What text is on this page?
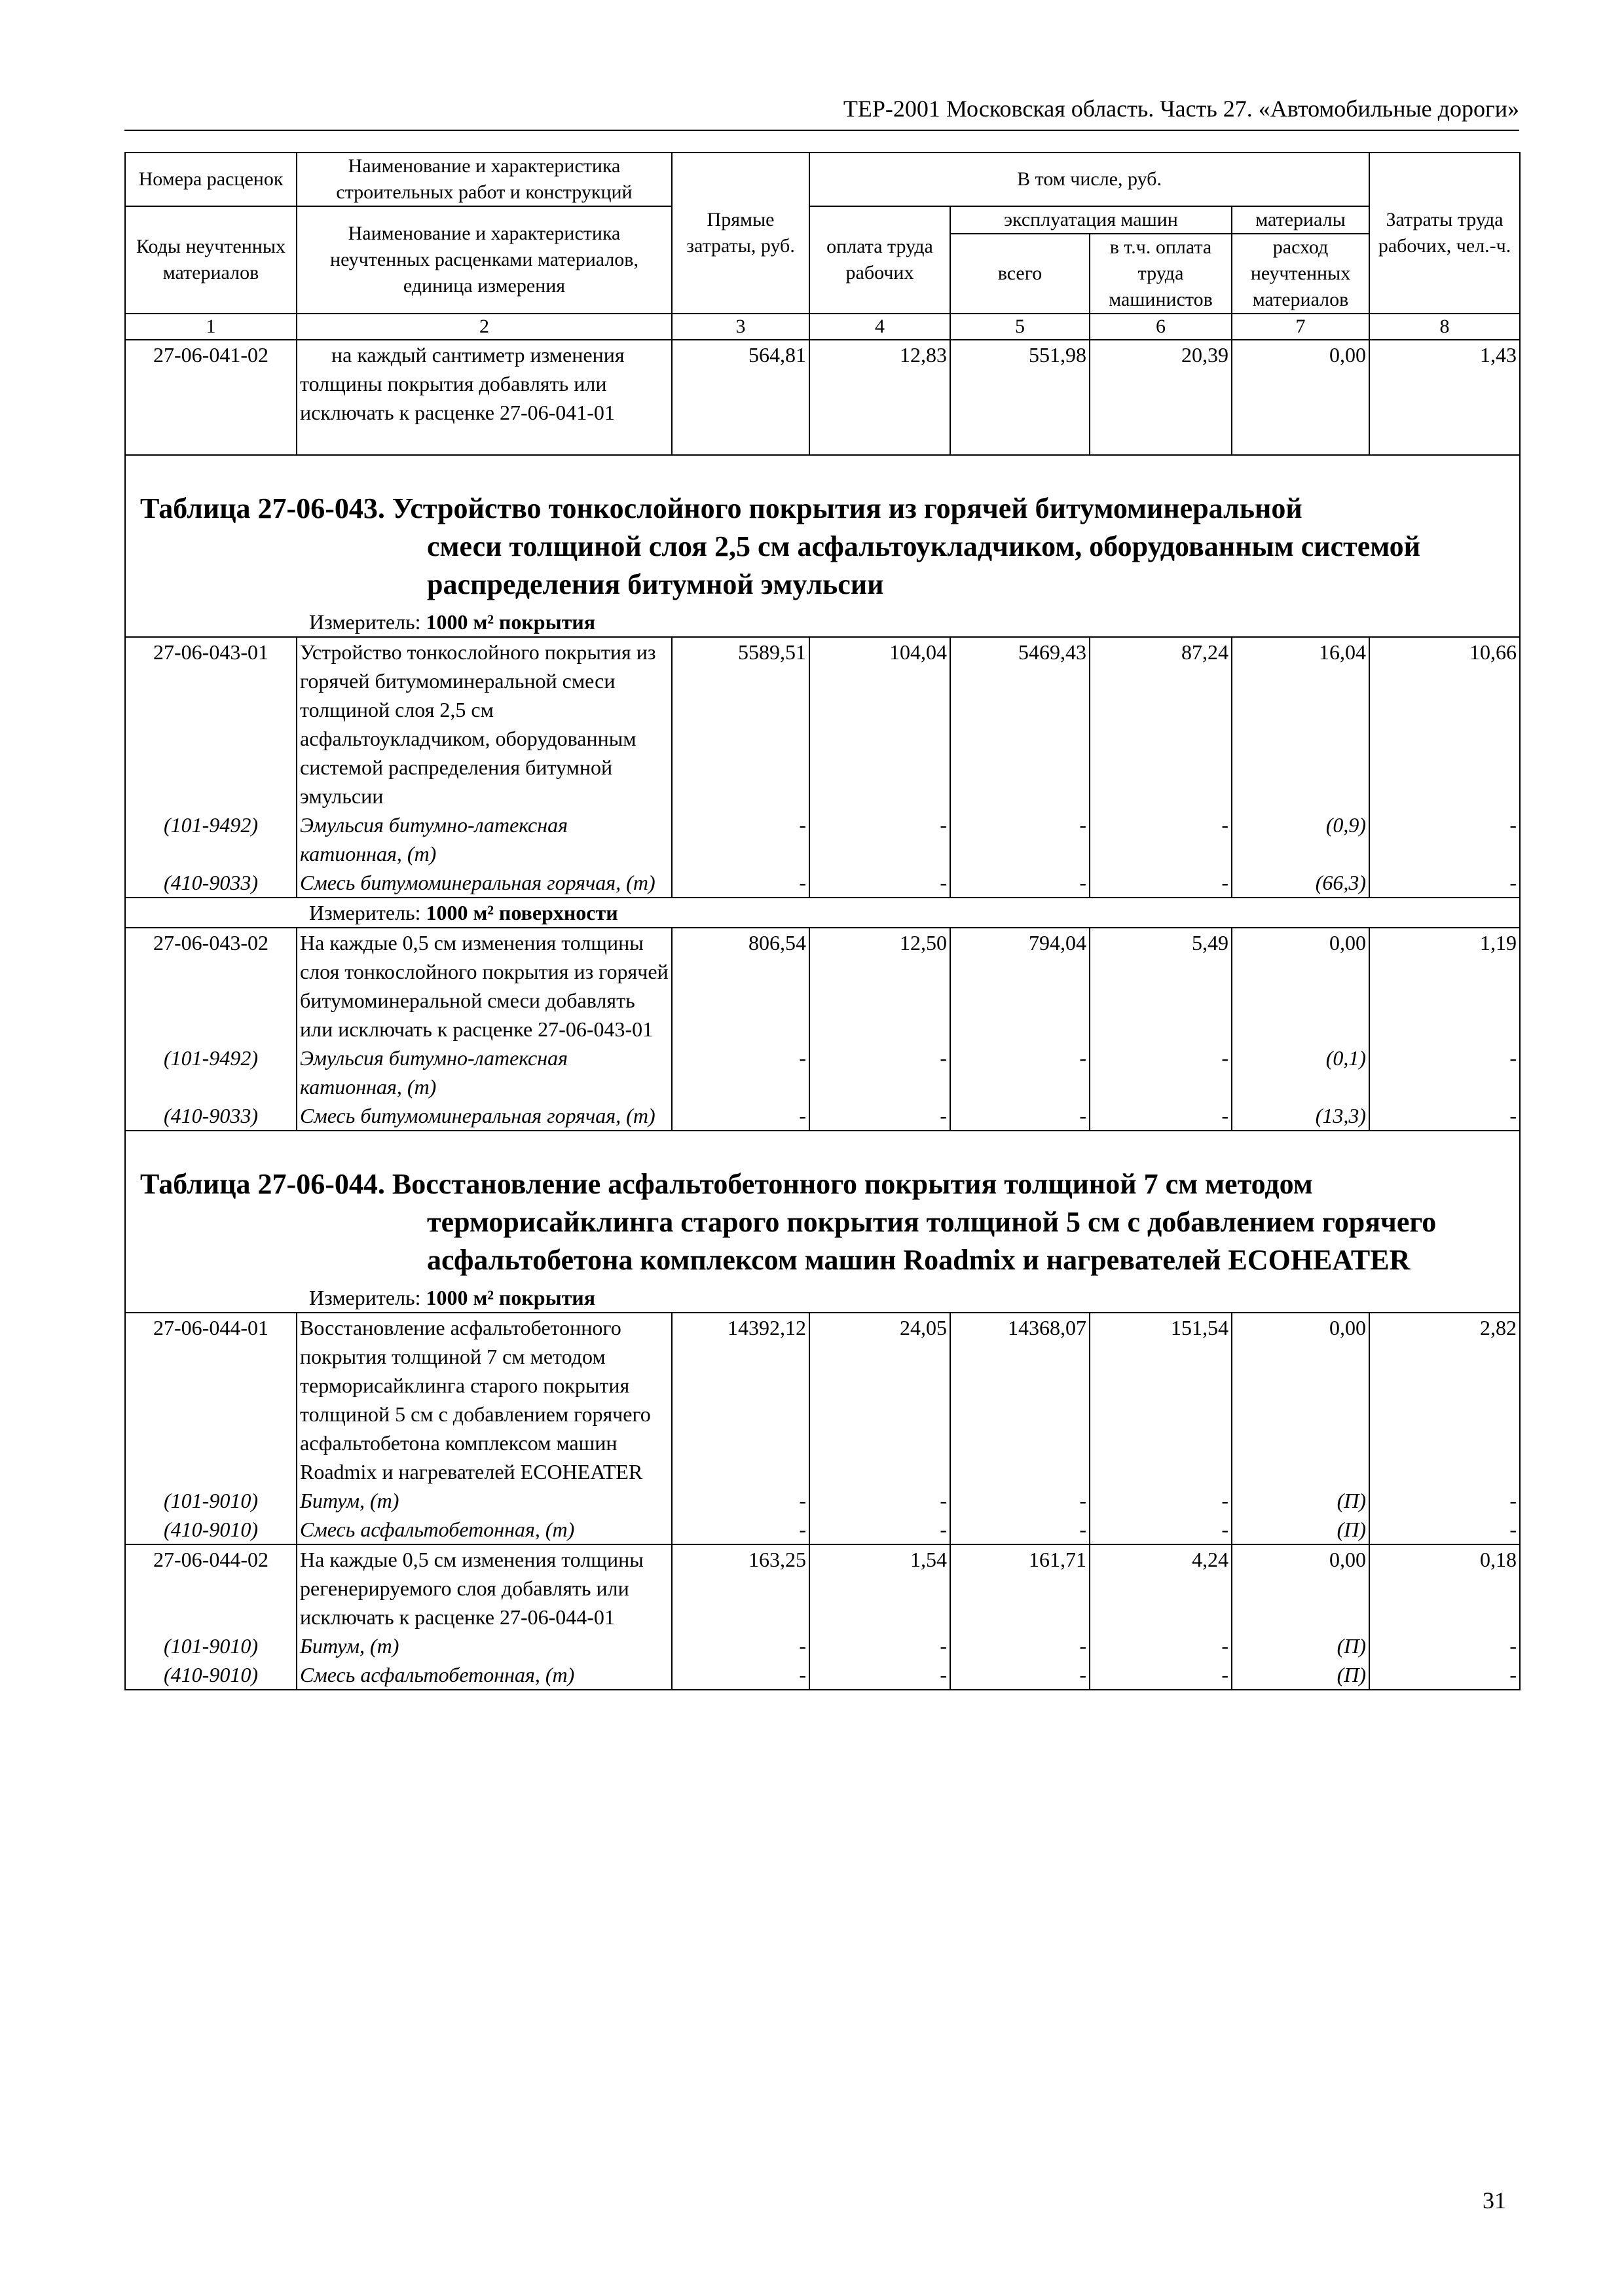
ТЕР-2001 Московская область. Часть 27. «Автомобильные дороги»
Номера расценок	Наименование и характеристика строительных работ и конструкций	Прямые затраты, руб.	В том числе, руб.				Затраты труда рабочих, чел.-ч.
Коды неучтенных материалов	Наименование и характеристика неучтенных расценками материалов, единица измерения		оплата труда рабочих	эксплуатация машин		материалы	
				всего	в т.ч. оплата труда машинистов	расход неучтенных материалов	
1	2	3	4	5	6	7	8
27-06-041-02	на каждый сантиметр изменения толщины покрытия добавлять или исключать к расценке 27-06-041-01	564,81	12,83	551,98	20,39	0,00	1,43

Таблица 27-06-043. Устройство тонкослойного покрытия из горячей битумоминеральной
смеси толщиной слоя 2,5 см асфальтоукладчиком, оборудованным системой распределения битумной эмульсии
Измеритель: 1000 м² покрытия							

27-06-043-01	Устройство тонкослойного покрытия из горячей битумоминеральной смеси толщиной слоя 2,5 см асфальтоукладчиком, оборудованным системой распределения битумной эмульсии	5589,51	104,04	5469,43	87,24	16,04	10,66
(101-9492)	Эмульсия битумно-латексная катионная, (т)	-	-	-	-	(0,9)	-
(410-9033)	Смесь битумоминеральная горячая, (т)	-	-	-	-	(66,3)	-
Измеритель: 1000 м² поверхности							
27-06-043-02	На каждые 0,5 см изменения толщины слоя тонкослойного покрытия из горячей битумоминеральной смеси добавлять или исключать к расценке 27-06-043-01	806,54	12,50	794,04	5,49	0,00	1,19
(101-9492)	Эмульсия битумно-латексная катионная, (т)	-	-	-	-	(0,1)	-
(410-9033)	Смесь битумоминеральная горячая, (т)	-	-	-	-	(13,3)	-

Таблица 27-06-044. Восстановление асфальтобетонного покрытия толщиной 7 см методом
терморисайклинга старого покрытия толщиной 5 см с добавлением горячего асфальтобетона комплексом машин Roadmix и нагревателей ECOHEATER
Измеритель: 1000 м² покрытия							

27-06-044-01	Восстановление асфальтобетонного покрытия толщиной 7 см методом терморисайклинга старого покрытия толщиной 5 см с добавлением горячего асфальтобетона комплексом машин Roadmix и нагревателей ECOHEATER	14392,12	24,05	14368,07	151,54	0,00	2,82
(101-9010)	Битум, (т)	-	-	-	-	(П)	-
(410-9010)	Смесь асфальтобетонная, (т)	-	-	-	-	(П)	-
27-06-044-02	На каждые 0,5 см изменения толщины регенерируемого слоя добавлять или исключать к расценке 27-06-044-01	163,25	1,54	161,71	4,24	0,00	0,18
(101-9010)	Битум, (т)	-	-	-	-	(П)	-
(410-9010)	Смесь асфальтобетонная, (т)	-	-	-	-	(П)	-
31
